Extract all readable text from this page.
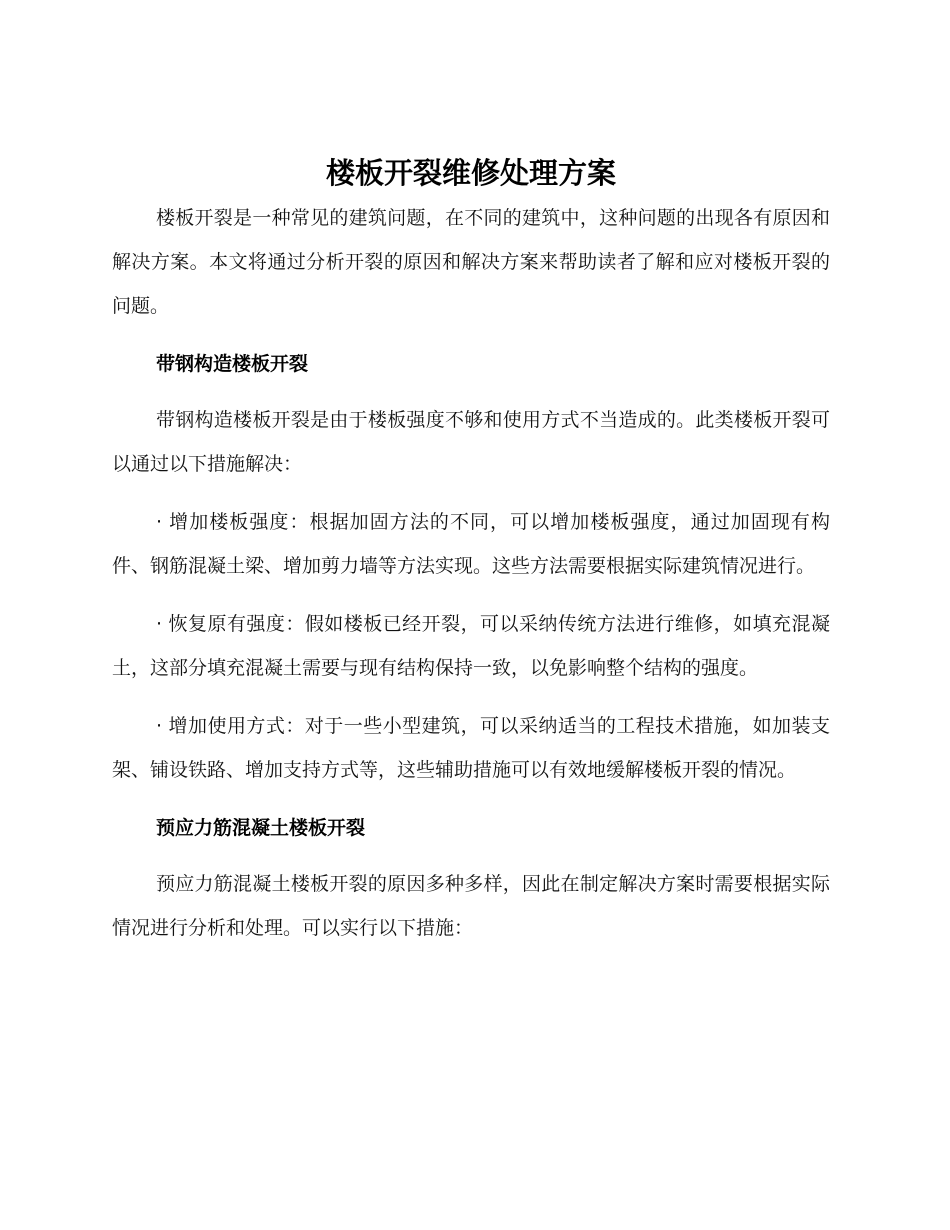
楼板开裂维修处理方案

楼板开裂是一种常见的建筑问题，在不同的建筑中，这种问题的出现各有原因和解决方案。本文将通过分析开裂的原因和解决方案来帮助读者了解和应对楼板开裂的问题。

带钢构造楼板开裂

带钢构造楼板开裂是由于楼板强度不够和使用方式不当造成的。此类楼板开裂可以通过以下措施解决：

· 增加楼板强度：根据加固方法的不同，可以增加楼板强度，通过加固现有构件、钢筋混凝土梁、增加剪力墙等方法实现。这些方法需要根据实际建筑情况进行。

· 恢复原有强度：假如楼板已经开裂，可以采纳传统方法进行维修，如填充混凝土，这部分填充混凝土需要与现有结构保持一致，以免影响整个结构的强度。

· 增加使用方式：对于一些小型建筑，可以采纳适当的工程技术措施，如加装支架、铺设铁路、增加支持方式等，这些辅助措施可以有效地缓解楼板开裂的情况。

预应力筋混凝土楼板开裂

预应力筋混凝土楼板开裂的原因多种多样，因此在制定解决方案时需要根据实际情况进行分析和处理。可以实行以下措施：
